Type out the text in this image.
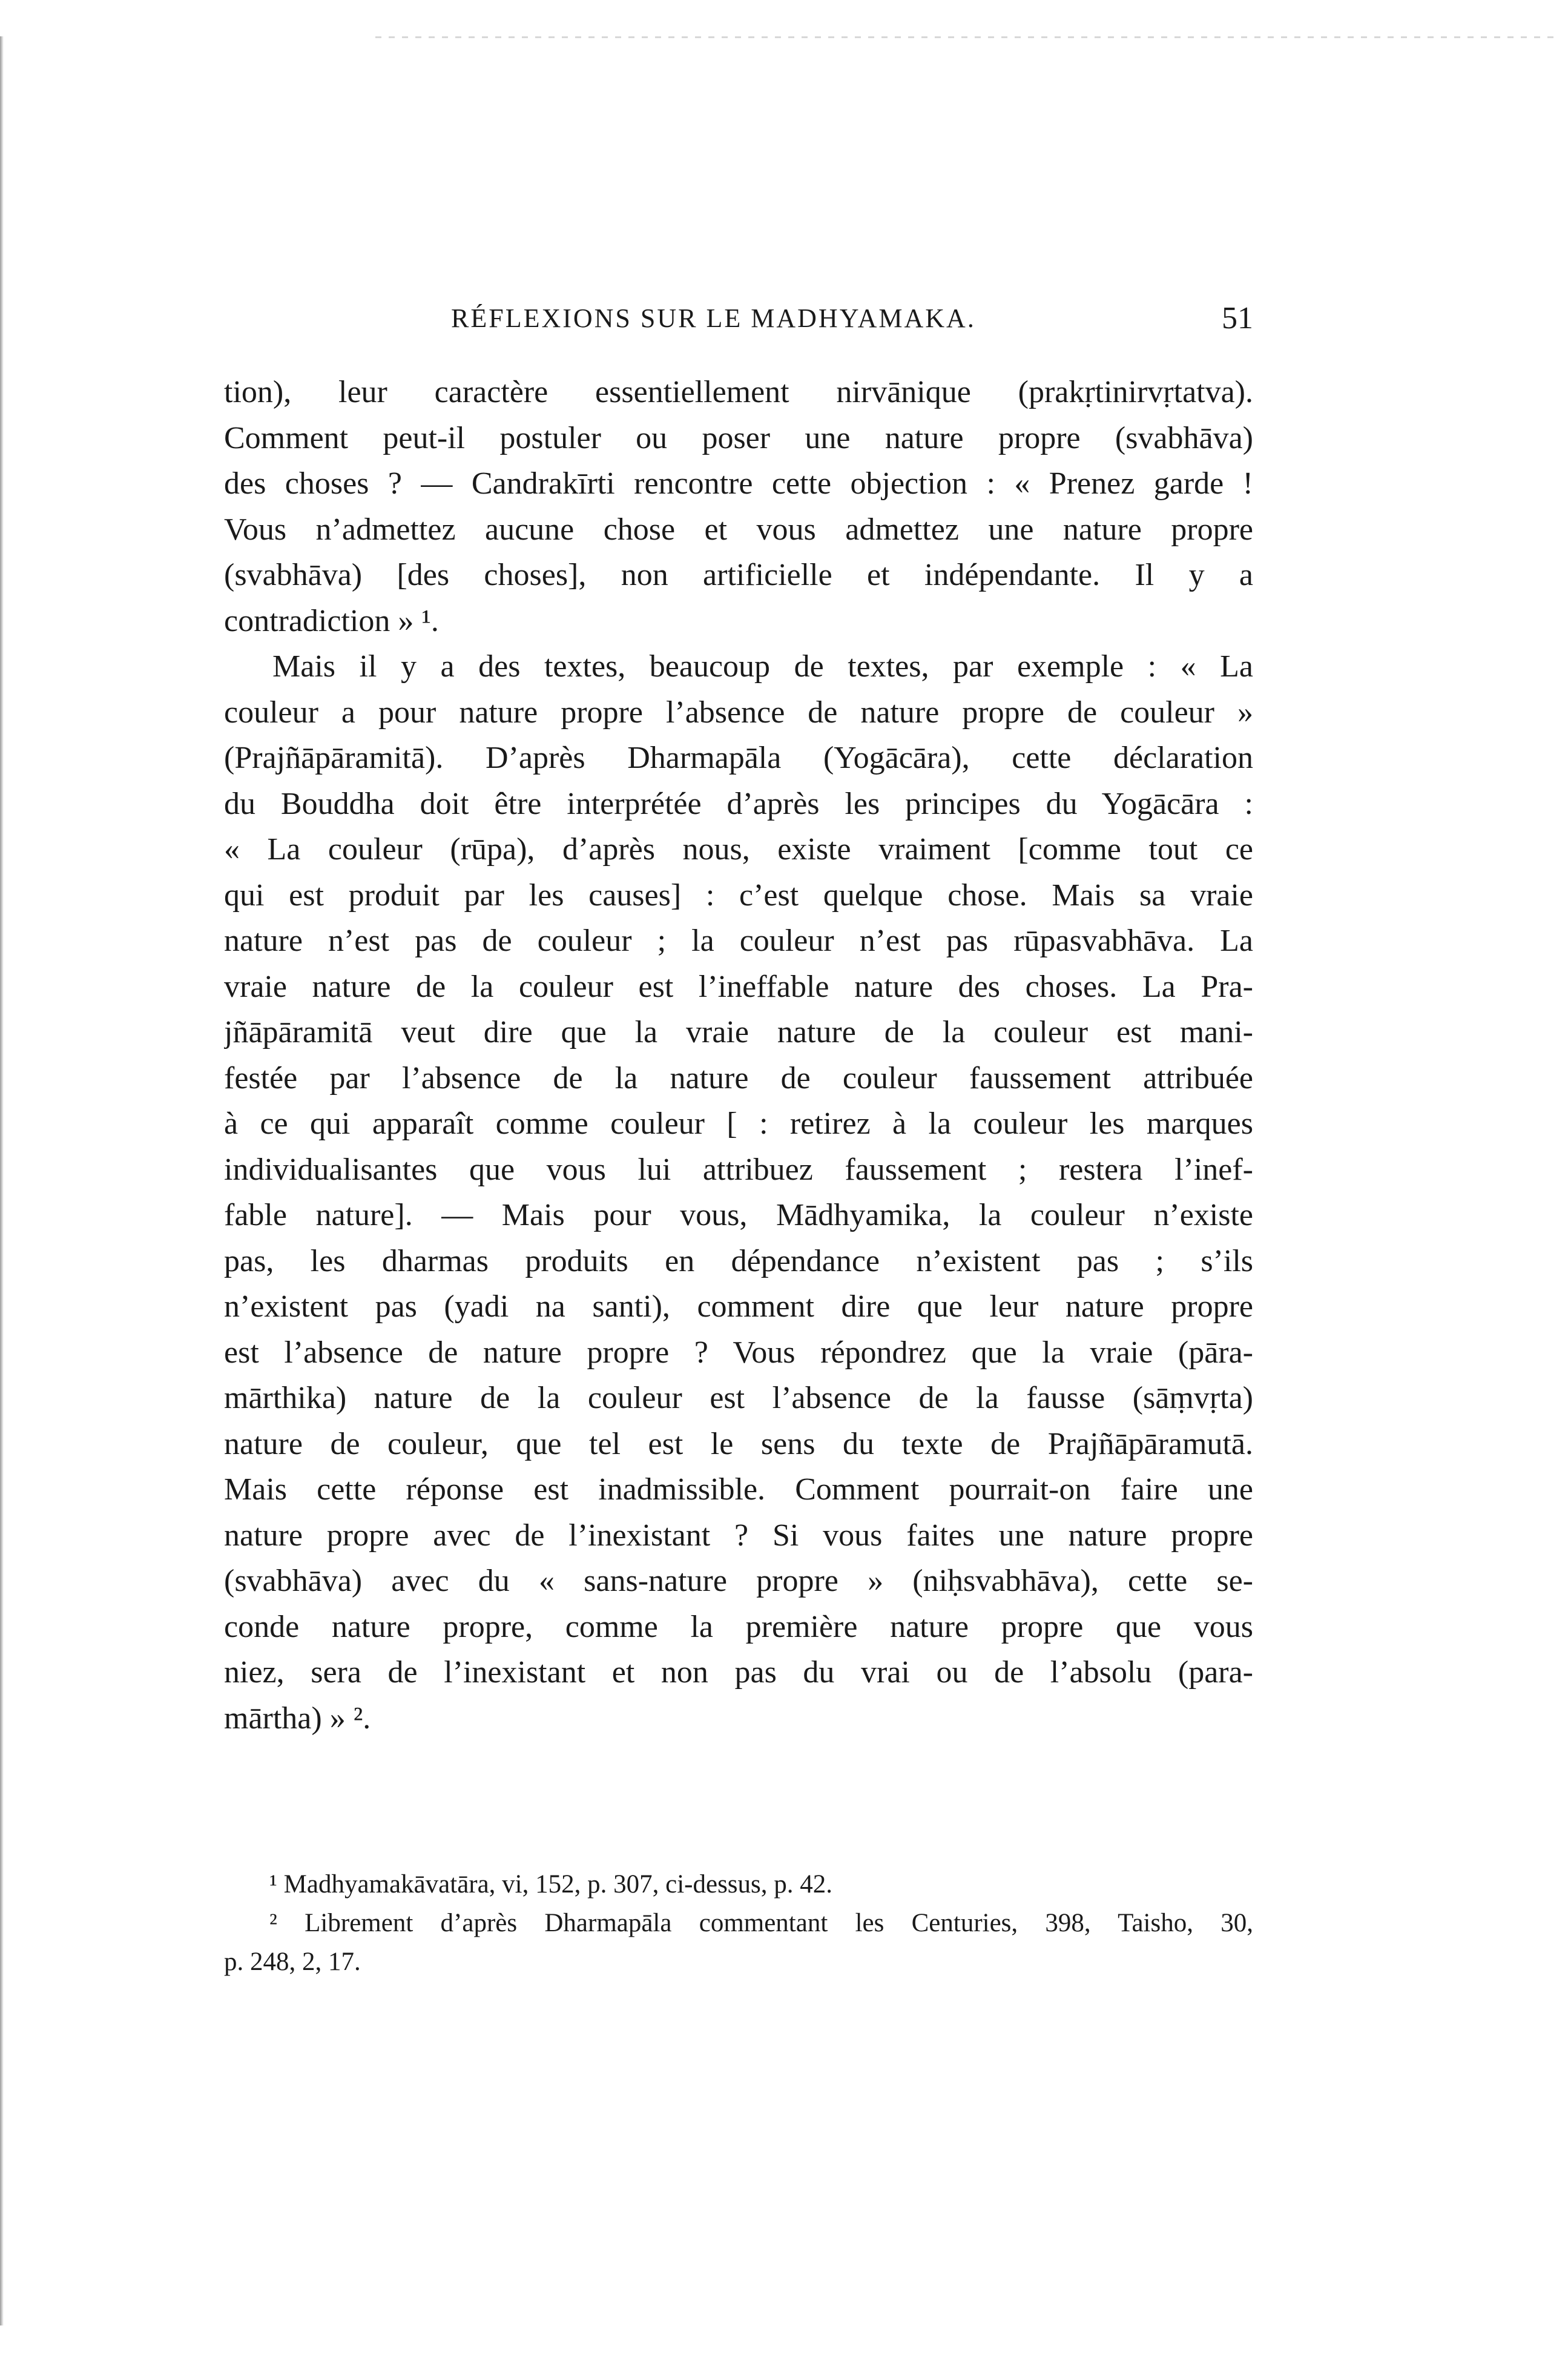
RÉFLEXIONS SUR LE MADHYAMAKA.	51
tion), leur caractère essentiellement nirvānique (prakṛtinirvṛtatva).
Comment peut-il postuler ou poser une nature propre (svabhāva)
des choses ? — Candrakīrti rencontre cette objection : « Prenez garde !
Vous n’admettez aucune chose et vous admettez une nature propre
(svabhāva) [des choses], non artificielle et indépendante. Il y a
contradiction » ¹.
Mais il y a des textes, beaucoup de textes, par exemple : « La
couleur a pour nature propre l’absence de nature propre de couleur »
(Prajñāpāramitā). D’après Dharmapāla (Yogācāra), cette déclaration
du Bouddha doit être interprétée d’après les principes du Yogācāra :
« La couleur (rūpa), d’après nous, existe vraiment [comme tout ce
qui est produit par les causes] : c’est quelque chose. Mais sa vraie
nature n’est pas de couleur ; la couleur n’est pas rūpasvabhāva. La
vraie nature de la couleur est l’ineffable nature des choses. La Pra-
jñāpāramitā veut dire que la vraie nature de la couleur est mani-
festée par l’absence de la nature de couleur faussement attribuée
à ce qui apparaît comme couleur [ : retirez à la couleur les marques
individualisantes que vous lui attribuez faussement ; restera l’inef-
fable nature]. — Mais pour vous, Mādhyamika, la couleur n’existe
pas, les dharmas produits en dépendance n’existent pas ; s’ils
n’existent pas (yadi na santi), comment dire que leur nature propre
est l’absence de nature propre ? Vous répondrez que la vraie (pāra-
mārthika) nature de la couleur est l’absence de la fausse (sāṃvṛta)
nature de couleur, que tel est le sens du texte de Prajñāpāramutā.
Mais cette réponse est inadmissible. Comment pourrait-on faire une
nature propre avec de l’inexistant ? Si vous faites une nature propre
(svabhāva) avec du « sans-nature propre » (niḥsvabhāva), cette se-
conde nature propre, comme la première nature propre que vous
niez, sera de l’inexistant et non pas du vrai ou de l’absolu (para-
mārtha) » ².
¹ Madhyamakāvatāra, vi, 152, p. 307, ci-dessus, p. 42.
² Librement d’après Dharmapāla commentant les Centuries, 398, Taisho, 30,
p. 248, 2, 17.
